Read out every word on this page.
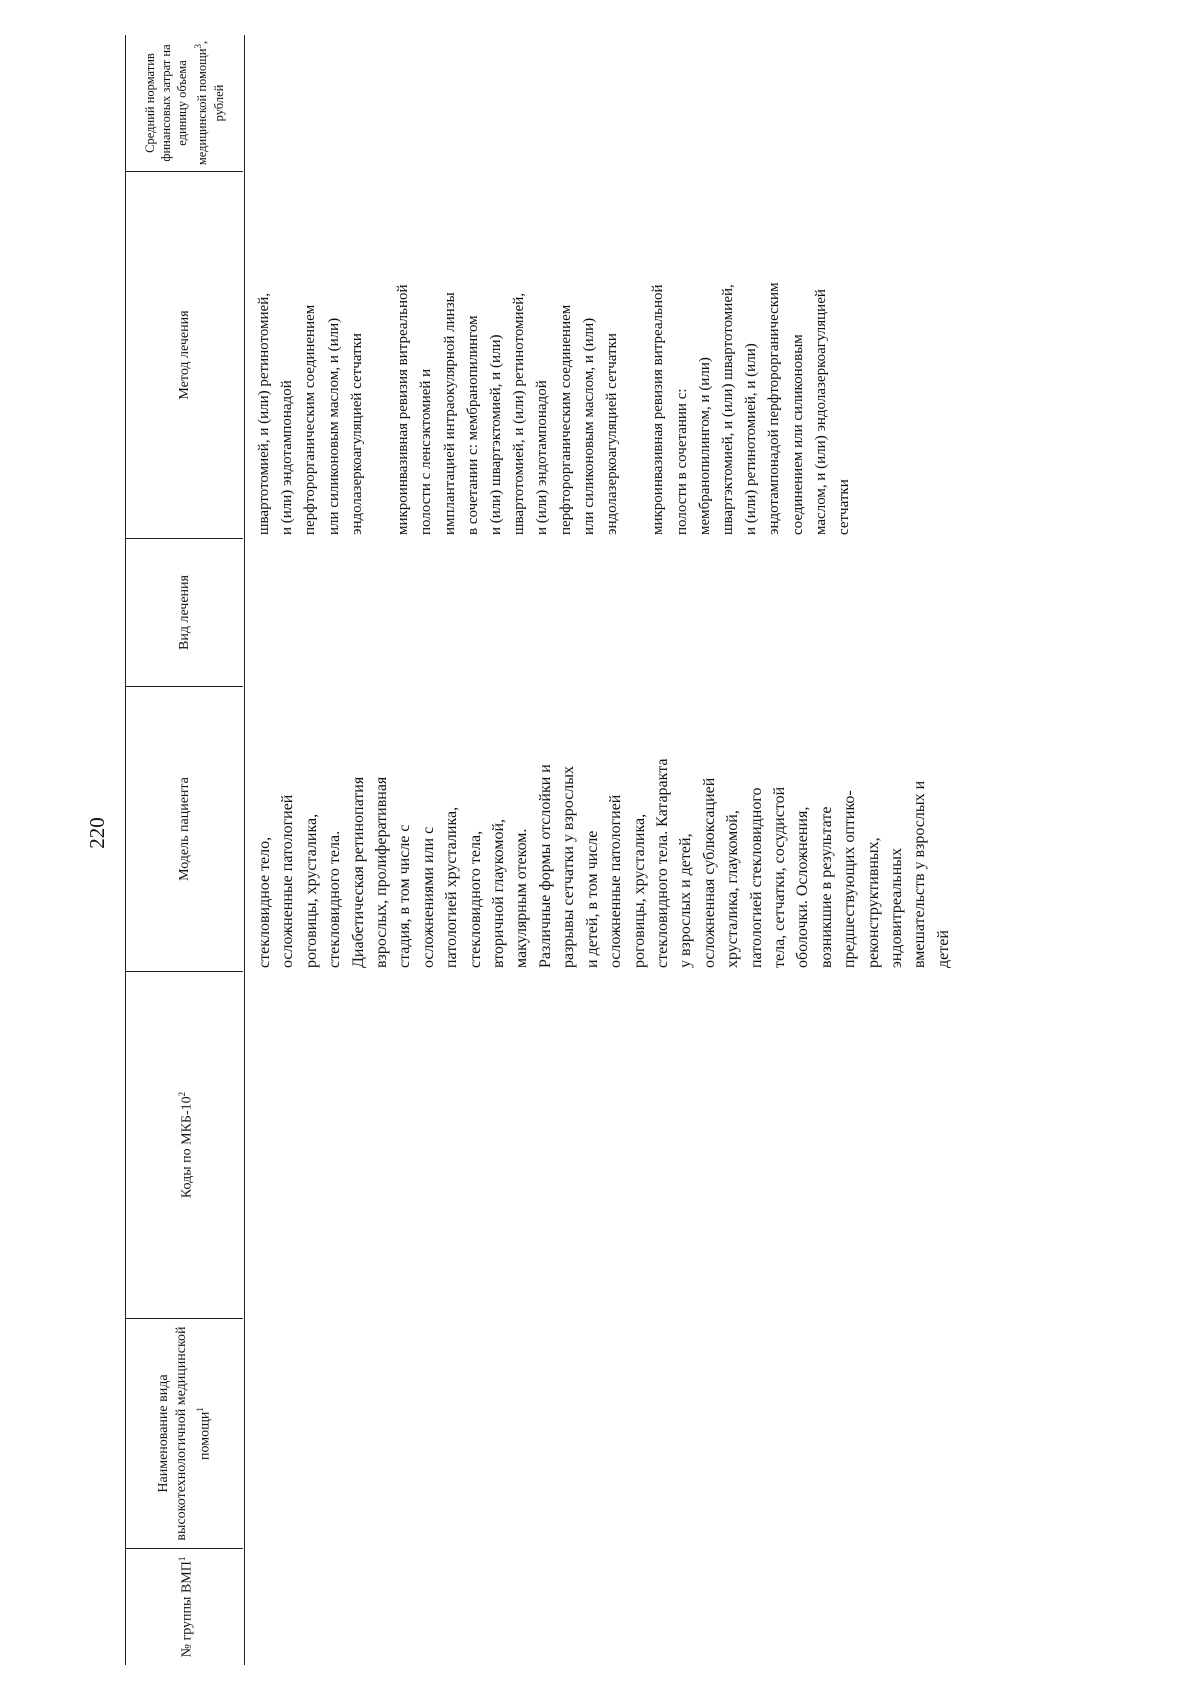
220
№ группы ВМП$^1$
Наименование вида высокотехнологичной медицинской помощи$^1$
Коды по МКБ-$10^2$
Модель пациента
Вид лечения
Метод лечения
Средний норматив финансовых затрат на единицу объема медицинской помощи$^3$, рублей
стекловидное тело,
осложненные патологией
роговицы, хрусталика,
стекловидного тела.
Диабетическая ретинопатия
взрослых, пролиферативная
стадия, в том числе с
осложнениями или с
патологией хрусталика,
стекловидного тела,
вторичной глаукомой,
макулярным отеком.
Различные формы отслойки и
разрывы сетчатки у взрослых
и детей, в том числе
осложненные патологией
роговицы, хрусталика,
стекловидного тела. Катаракта
у взрослых и детей,
осложненная сублюксацией
хрусталика, глаукомой,
патологией стекловидного
тела, сетчатки, сосудистой
оболочки. Осложнения,
возникшие в результате
предшествующих оптико-
реконструктивных,
эндовитреальных
вмешательств у взрослых и
детей
швартотомией, и (или) ретинотомией,
и (или) эндотампонадой
перфторорганическим соединением
или силиконовым маслом, и (или)
эндолазеркоагуляцией сетчатки

микроинвазивная ревизия витреальной
полости с ленсэктомией и
имплантацией интраокулярной линзы
в сочетании с: мембранопилингом
и (или) швартэктомией, и (или)
швартотомией, и (или) ретинотомией,
и (или) эндотампонадой
перфторорганическим соединением
или силиконовым маслом, и (или)
эндолазеркоагуляцией сетчатки

микроинвазивная ревизия витреальной
полости в сочетании с:
мембранопилингом, и (или)
швартэктомией, и (или) швартотомией,
и (или) ретинотомией, и (или)
эндотампонадой перфторорганическим
соединением или силиконовым
маслом, и (или) эндолазеркоагуляцией
сетчатки
